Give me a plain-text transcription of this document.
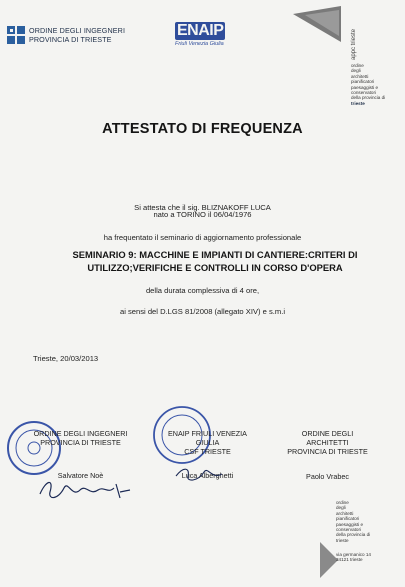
ORDINE DEGLI INGEGNERI
PROVINCIA DI TRIESTE
ENAIP
Friuli Venezia Giulia	appc trieste
ordine
degli
architetti
pianificatori
paesaggisti e
conservatori
della provincia di
trieste
ATTESTATO DI FREQUENZA
Si attesta che il sig. BLIZNAKOFF LUCA
nato a TORINO il 06/04/1976
ha frequentato il seminario di aggiornamento professionale
SEMINARIO 9: MACCHINE E IMPIANTI DI CANTIERE:CRITERI DI
UTILIZZO;VERIFICHE E CONTROLLI IN CORSO D'OPERA
della durata complessiva di 4 ore,
ai sensi del D.LGS 81/2008 (allegato XIV) e s.m.i
Trieste, 20/03/2013
ORDINE DEGLI INGEGNERI
PROVINCIA DI TRIESTE
Salvatore Noè
ENAIP FRIULI VENEZIA
GIULIA
CSF TRIESTE
Luca Alberghetti
ORDINE DEGLI
ARCHITETTI
PROVINCIA DI TRIESTE
Paolo Vrabec
ordine
degli
architetti
pianificatori
paesaggisti e
conservatori
della provincia di
trieste
via germanico 14
34121 trieste
